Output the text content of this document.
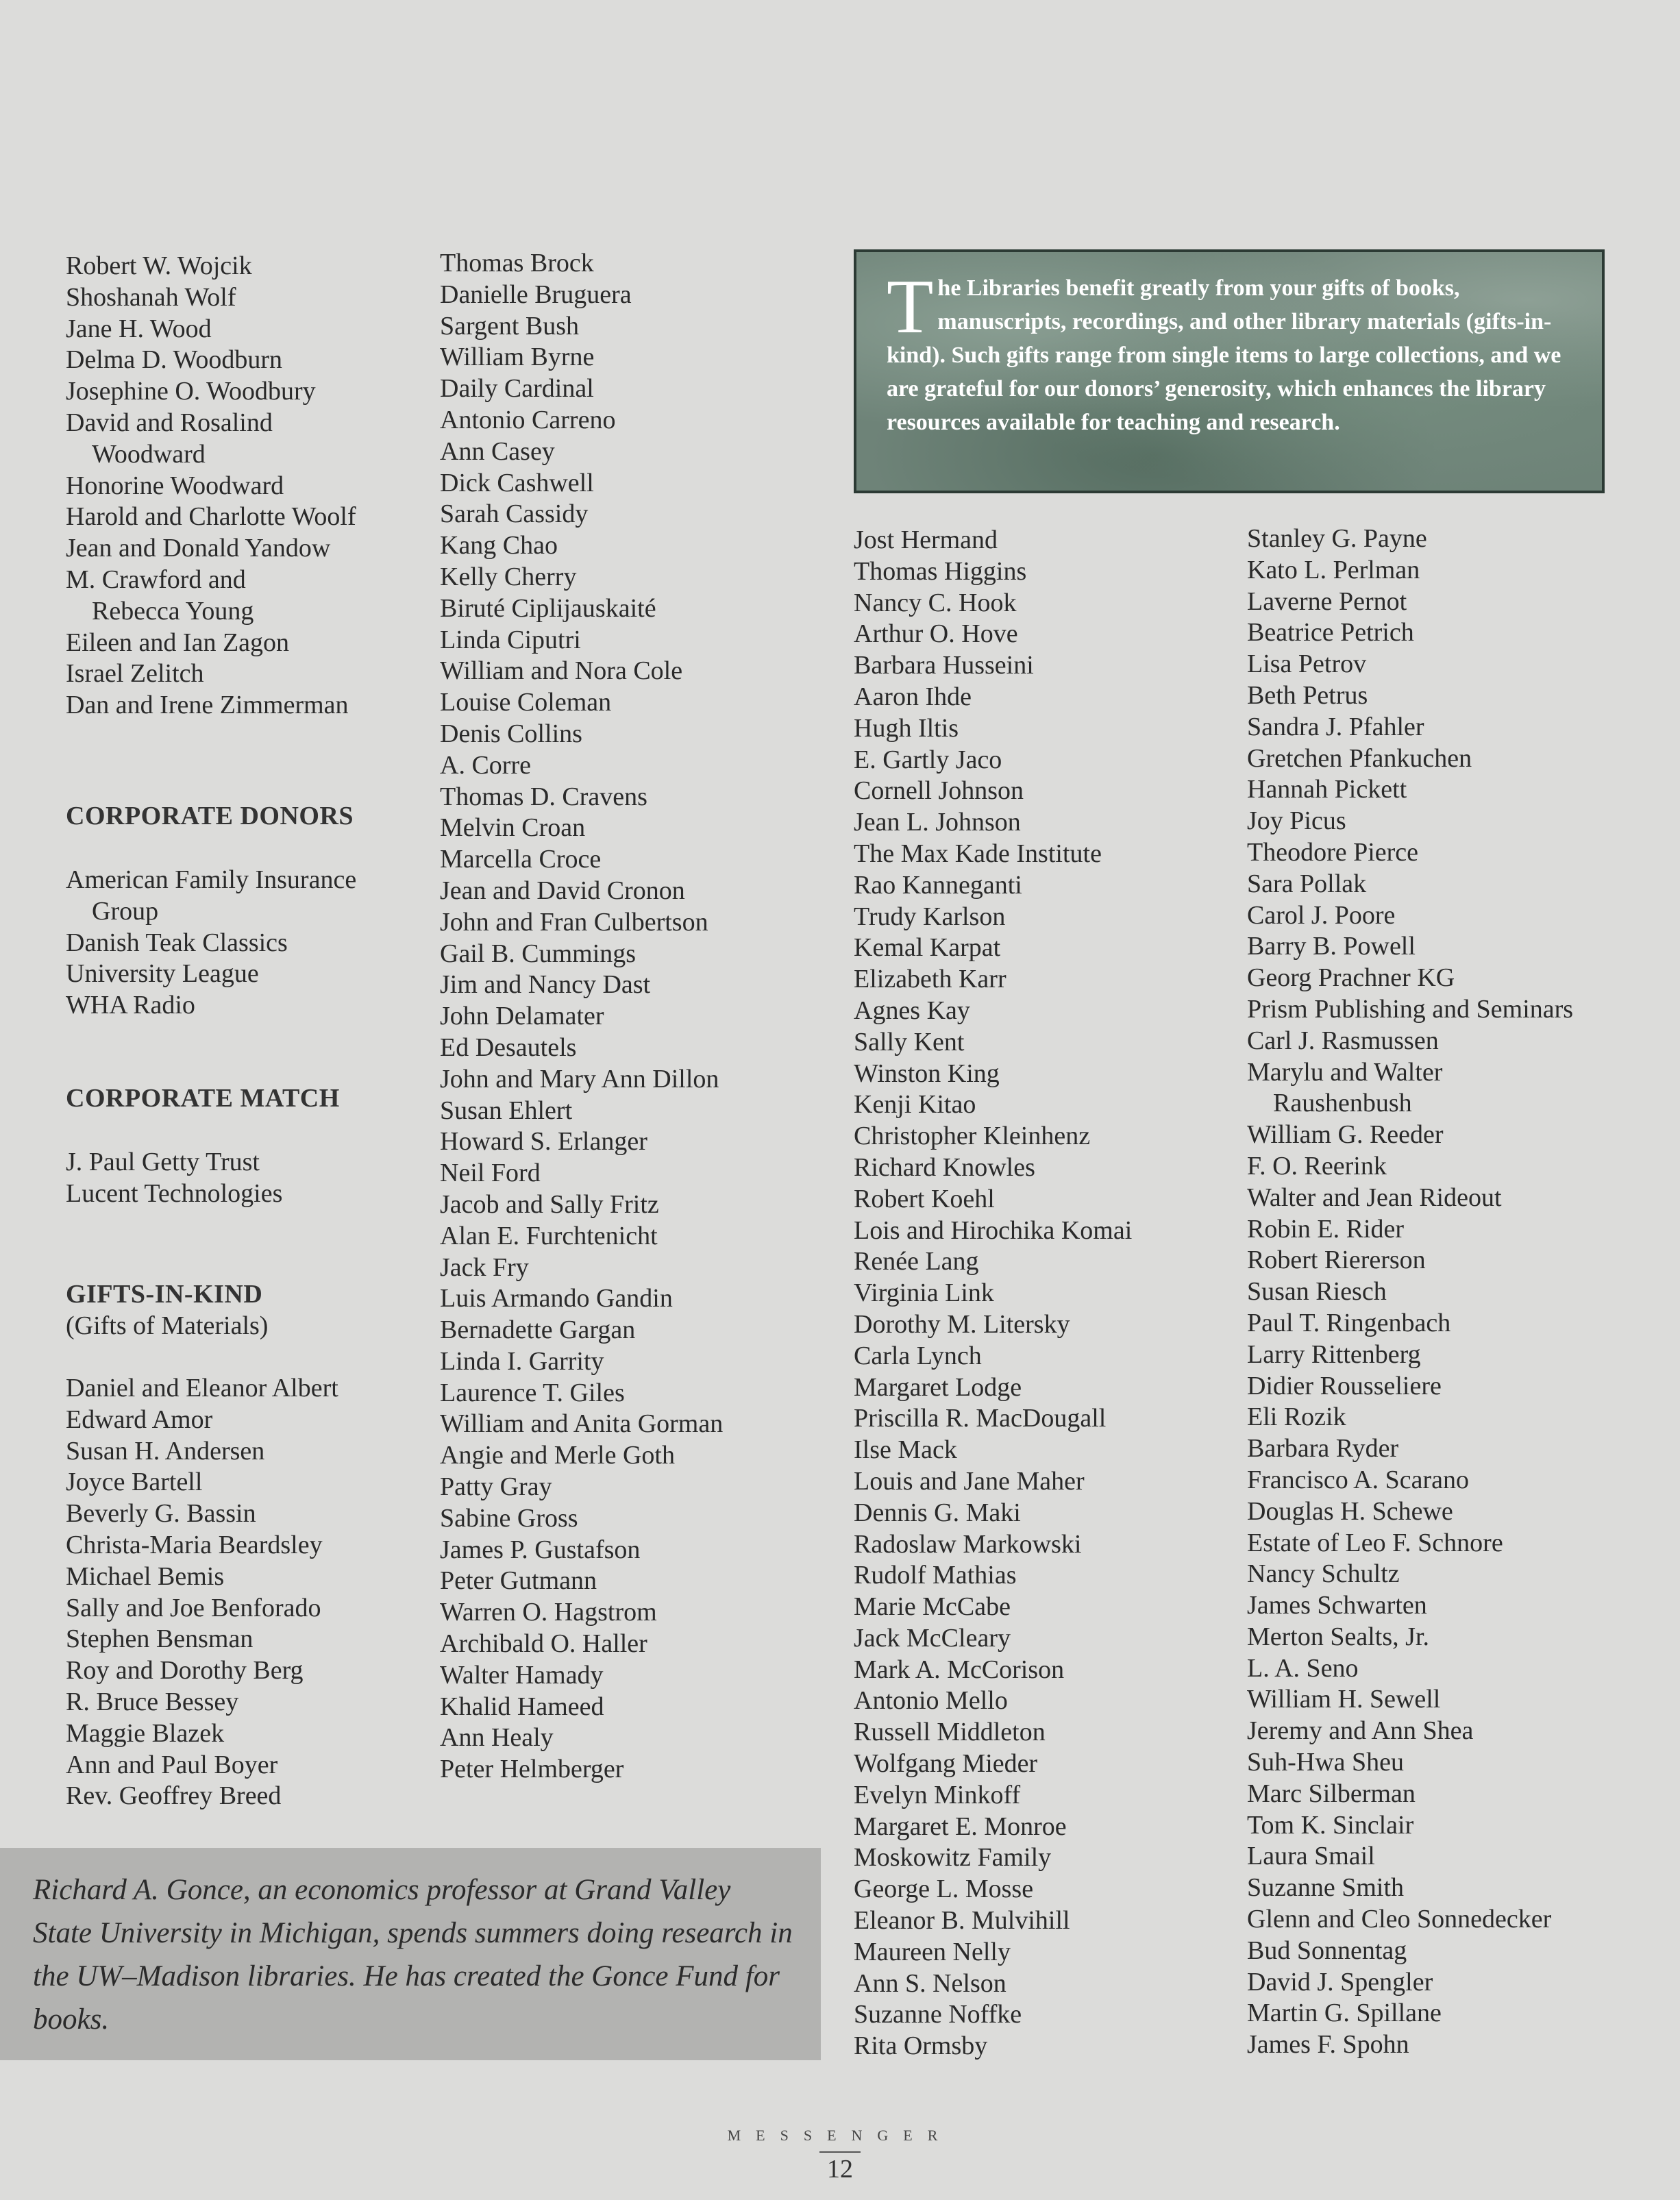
Robert W. Wojcik
Shoshanah Wolf
Jane H. Wood
Delma D. Woodburn
Josephine O. Woodbury
David and Rosalind
Woodward
Honorine Woodward
Harold and Charlotte Woolf
Jean and Donald Yandow
M. Crawford and
Rebecca Young
Eileen and Ian Zagon
Israel Zelitch
Dan and Irene Zimmerman
CORPORATE DONORS
American Family Insurance
Group
Danish Teak Classics
University League
WHA Radio
CORPORATE MATCH
J. Paul Getty Trust
Lucent Technologies
GIFTS-IN-KIND
(Gifts of Materials)
Daniel and Eleanor Albert
Edward Amor
Susan H. Andersen
Joyce Bartell
Beverly G. Bassin
Christa-Maria Beardsley
Michael Bemis
Sally and Joe Benforado
Stephen Bensman
Roy and Dorothy Berg
R. Bruce Bessey
Maggie Blazek
Ann and Paul Boyer
Rev. Geoffrey Breed
Thomas Brock
Danielle Bruguera
Sargent Bush
William Byrne
Daily Cardinal
Antonio Carreno
Ann Casey
Dick Cashwell
Sarah Cassidy
Kang Chao
Kelly Cherry
Biruté Ciplijauskaité
Linda Ciputri
William and Nora Cole
Louise Coleman
Denis Collins
A. Corre
Thomas D. Cravens
Melvin Croan
Marcella Croce
Jean and David Cronon
John and Fran Culbertson
Gail B. Cummings
Jim and Nancy Dast
John Delamater
Ed Desautels
John and Mary Ann Dillon
Susan Ehlert
Howard S. Erlanger
Neil Ford
Jacob and Sally Fritz
Alan E. Furchtenicht
Jack Fry
Luis Armando Gandin
Bernadette Gargan
Linda I. Garrity
Laurence T. Giles
William and Anita Gorman
Angie and Merle Goth
Patty Gray
Sabine Gross
James P. Gustafson
Peter Gutmann
Warren O. Hagstrom
Archibald O. Haller
Walter Hamady
Khalid Hameed
Ann Healy
Peter Helmberger

The Libraries benefit greatly from your gifts of books, manuscripts, recordings, and other library materials (gifts-in-kind). Such gifts range from single items to large collections, and we are grateful for our donors’ generosity, which enhances the library resources available for teaching and research.

Jost Hermand
Thomas Higgins
Nancy C. Hook
Arthur O. Hove
Barbara Husseini
Aaron Ihde
Hugh Iltis
E. Gartly Jaco
Cornell Johnson
Jean L. Johnson
The Max Kade Institute
Rao Kanneganti
Trudy Karlson
Kemal Karpat
Elizabeth Karr
Agnes Kay
Sally Kent
Winston King
Kenji Kitao
Christopher Kleinhenz
Richard Knowles
Robert Koehl
Lois and Hirochika Komai
Renée Lang
Virginia Link
Dorothy M. Litersky
Carla Lynch
Margaret Lodge
Priscilla R. MacDougall
Ilse Mack
Louis and Jane Maher
Dennis G. Maki
Radoslaw Markowski
Rudolf Mathias
Marie McCabe
Jack McCleary
Mark A. McCorison
Antonio Mello
Russell Middleton
Wolfgang Mieder
Evelyn Minkoff
Margaret E. Monroe
Moskowitz Family
George L. Mosse
Eleanor B. Mulvihill
Maureen Nelly
Ann S. Nelson
Suzanne Noffke
Rita Ormsby
Stanley G. Payne
Kato L. Perlman
Laverne Pernot
Beatrice Petrich
Lisa Petrov
Beth Petrus
Sandra J. Pfahler
Gretchen Pfankuchen
Hannah Pickett
Joy Picus
Theodore Pierce
Sara Pollak
Carol J. Poore
Barry B. Powell
Georg Prachner KG
Prism Publishing and Seminars
Carl J. Rasmussen
Marylu and Walter
Raushenbush
William G. Reeder
F. O. Reerink
Walter and Jean Rideout
Robin E. Rider
Robert Riererson
Susan Riesch
Paul T. Ringenbach
Larry Rittenberg
Didier Rousseliere
Eli Rozik
Barbara Ryder
Francisco A. Scarano
Douglas H. Schewe
Estate of Leo F. Schnore
Nancy Schultz
James Schwarten
Merton Sealts, Jr.
L. A. Seno
William H. Sewell
Jeremy and Ann Shea
Suh-Hwa Sheu
Marc Silberman
Tom K. Sinclair
Laura Smail
Suzanne Smith
Glenn and Cleo Sonnedecker
Bud Sonnentag
David J. Spengler
Martin G. Spillane
James F. Spohn

Richard A. Gonce, an economics professor at Grand Valley State University in Michigan, spends summers doing research in the UW–Madison libraries. He has created the Gonce Fund for books.

MESSENGER
12
